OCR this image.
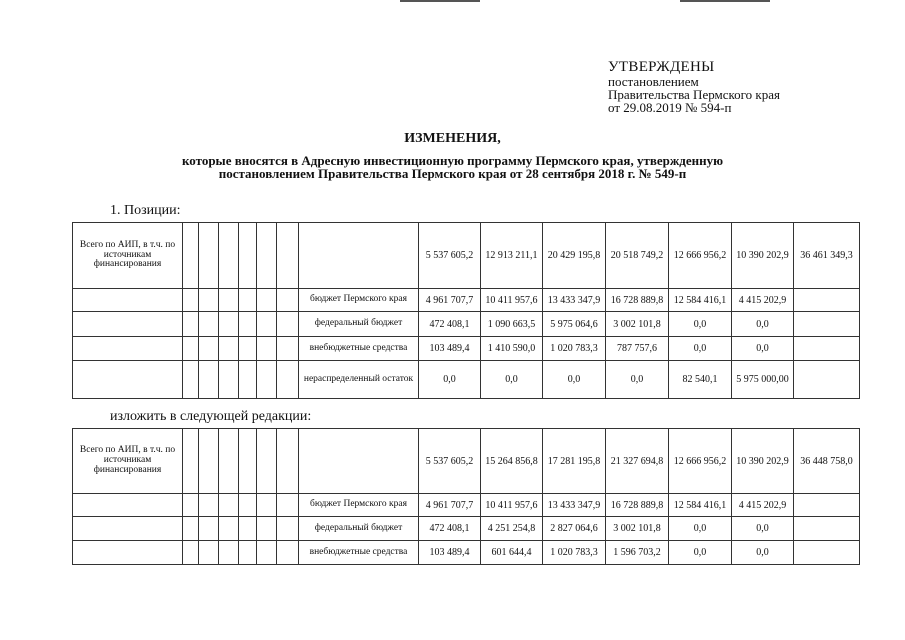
УТВЕРЖДЕНЫ
постановлением
Правительства Пермского края
от 29.08.2019 № 594-п
ИЗМЕНЕНИЯ,
которые вносятся в Адресную инвестиционную программу Пермского края, утвержденную
постановлением Правительства Пермского края от 28 сентября 2018 г. № 549-п
1. Позиции:
Всего по АИП, в т.ч. по источникам финансирования								5 537 605,2	12 913 211,1	20 429 195,8	20 518 749,2	12 666 956,2	10 390 202,9	36 461 349,3
							бюджет Пермского края	4 961 707,7	10 411 957,6	13 433 347,9	16 728 889,8	12 584 416,1	4 415 202,9	
							федеральный бюджет	472 408,1	1 090 663,5	5 975 064,6	3 002 101,8	0,0	0,0	
							внебюджетные средства	103 489,4	1 410 590,0	1 020 783,3	787 757,6	0,0	0,0	
							нераспределенный остаток	0,0	0,0	0,0	0,0	82 540,1	5 975 000,00	
изложить в следующей редакции:
Всего по АИП, в т.ч. по источникам финансирования								5 537 605,2	15 264 856,8	17 281 195,8	21 327 694,8	12 666 956,2	10 390 202,9	36 448 758,0
							бюджет Пермского края	4 961 707,7	10 411 957,6	13 433 347,9	16 728 889,8	12 584 416,1	4 415 202,9	
							федеральный бюджет	472 408,1	4 251 254,8	2 827 064,6	3 002 101,8	0,0	0,0	
							внебюджетные средства	103 489,4	601 644,4	1 020 783,3	1 596 703,2	0,0	0,0	
